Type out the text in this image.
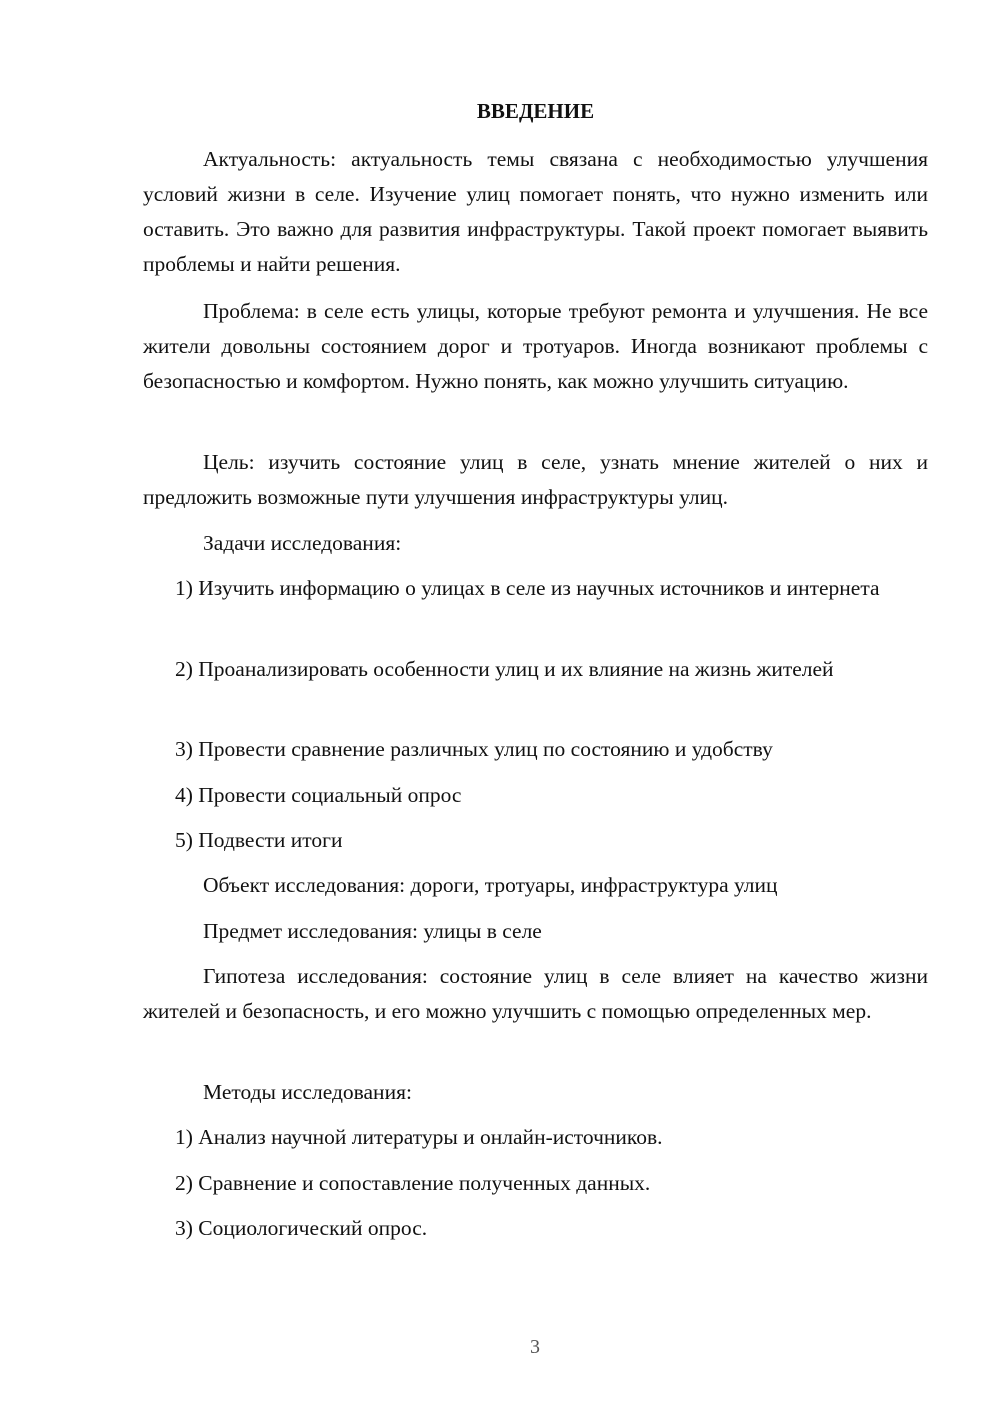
ВВЕДЕНИЕ

Актуальность: актуальность темы связана с необходимостью улучшения условий жизни в селе. Изучение улиц помогает понять, что нужно изменить или оставить. Это важно для развития инфраструктуры. Такой проект помогает выявить проблемы и найти решения.

Проблема: в селе есть улицы, которые требуют ремонта и улучшения. Не все жители довольны состоянием дорог и тротуаров. Иногда возникают проблемы с безопасностью и комфортом. Нужно понять, как можно улучшить ситуацию.

Цель: изучить состояние улиц в селе, узнать мнение жителей о них и предложить возможные пути улучшения инфраструктуры улиц.

Задачи исследования:

1) Изучить информацию о улицах в селе из научных источников и интернета

2) Проанализировать особенности улиц и их влияние на жизнь жителей

3) Провести сравнение различных улиц по состоянию и удобству

4) Провести социальный опрос

5) Подвести итоги

Объект исследования: дороги, тротуары, инфраструктура улиц

Предмет исследования: улицы в селе

Гипотеза исследования: состояние улиц в селе влияет на качество жизни жителей и безопасность, и его можно улучшить с помощью определенных мер.

Методы исследования:

1) Анализ научной литературы и онлайн-источников.

2) Сравнение и сопоставление полученных данных.

3) Социологический опрос.

3
